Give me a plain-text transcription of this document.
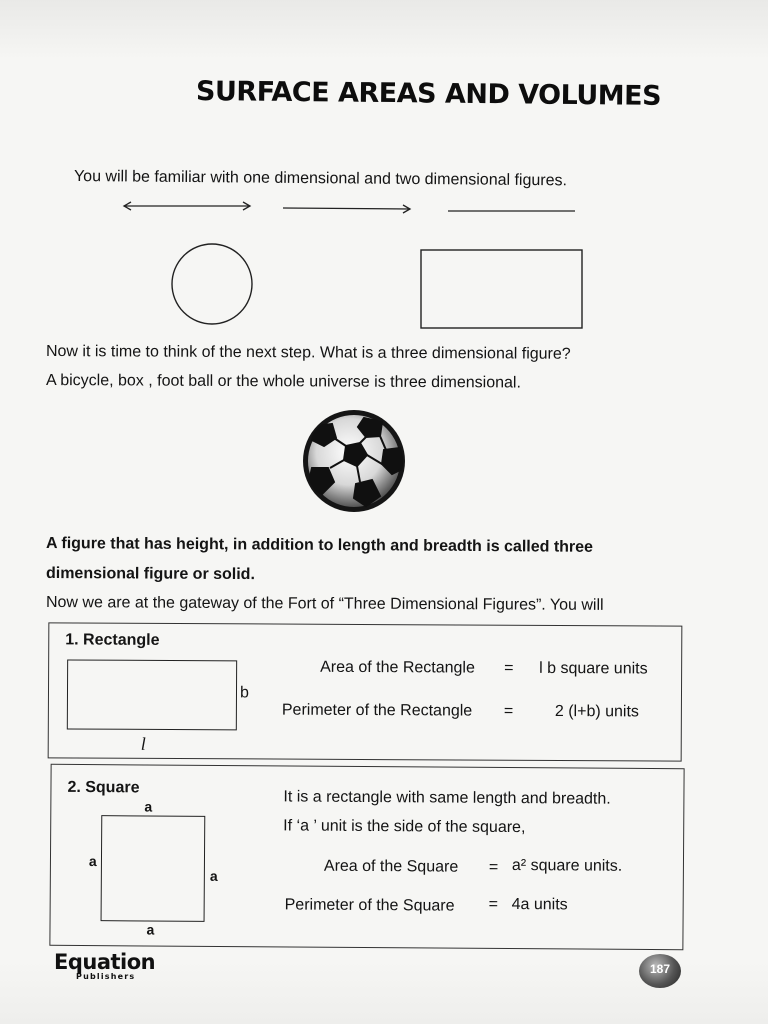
SURFACE AREAS AND VOLUMES
You will be familiar with one dimensional and two dimensional figures.
Now it is time to think of the next step. What is a three dimensional figure?
A bicycle, box , foot ball or the whole universe is three dimensional.
A figure that has height, in addition to length and breadth is called three
dimensional figure or solid.
Now we are at the gateway of the Fort of “Three Dimensional Figures”. You will
1. Rectangle
b
l
Area of the Rectangle = l b square units
Perimeter of the Rectangle =	2 (l+b) units
2. Square
a
a
a
a
It is a rectangle with same length and breadth.
If ‘a ’ unit is the side of the square,
Area of the Square = a² square units.
Perimeter of the Square = 4a units
Equation
Publishers
187
